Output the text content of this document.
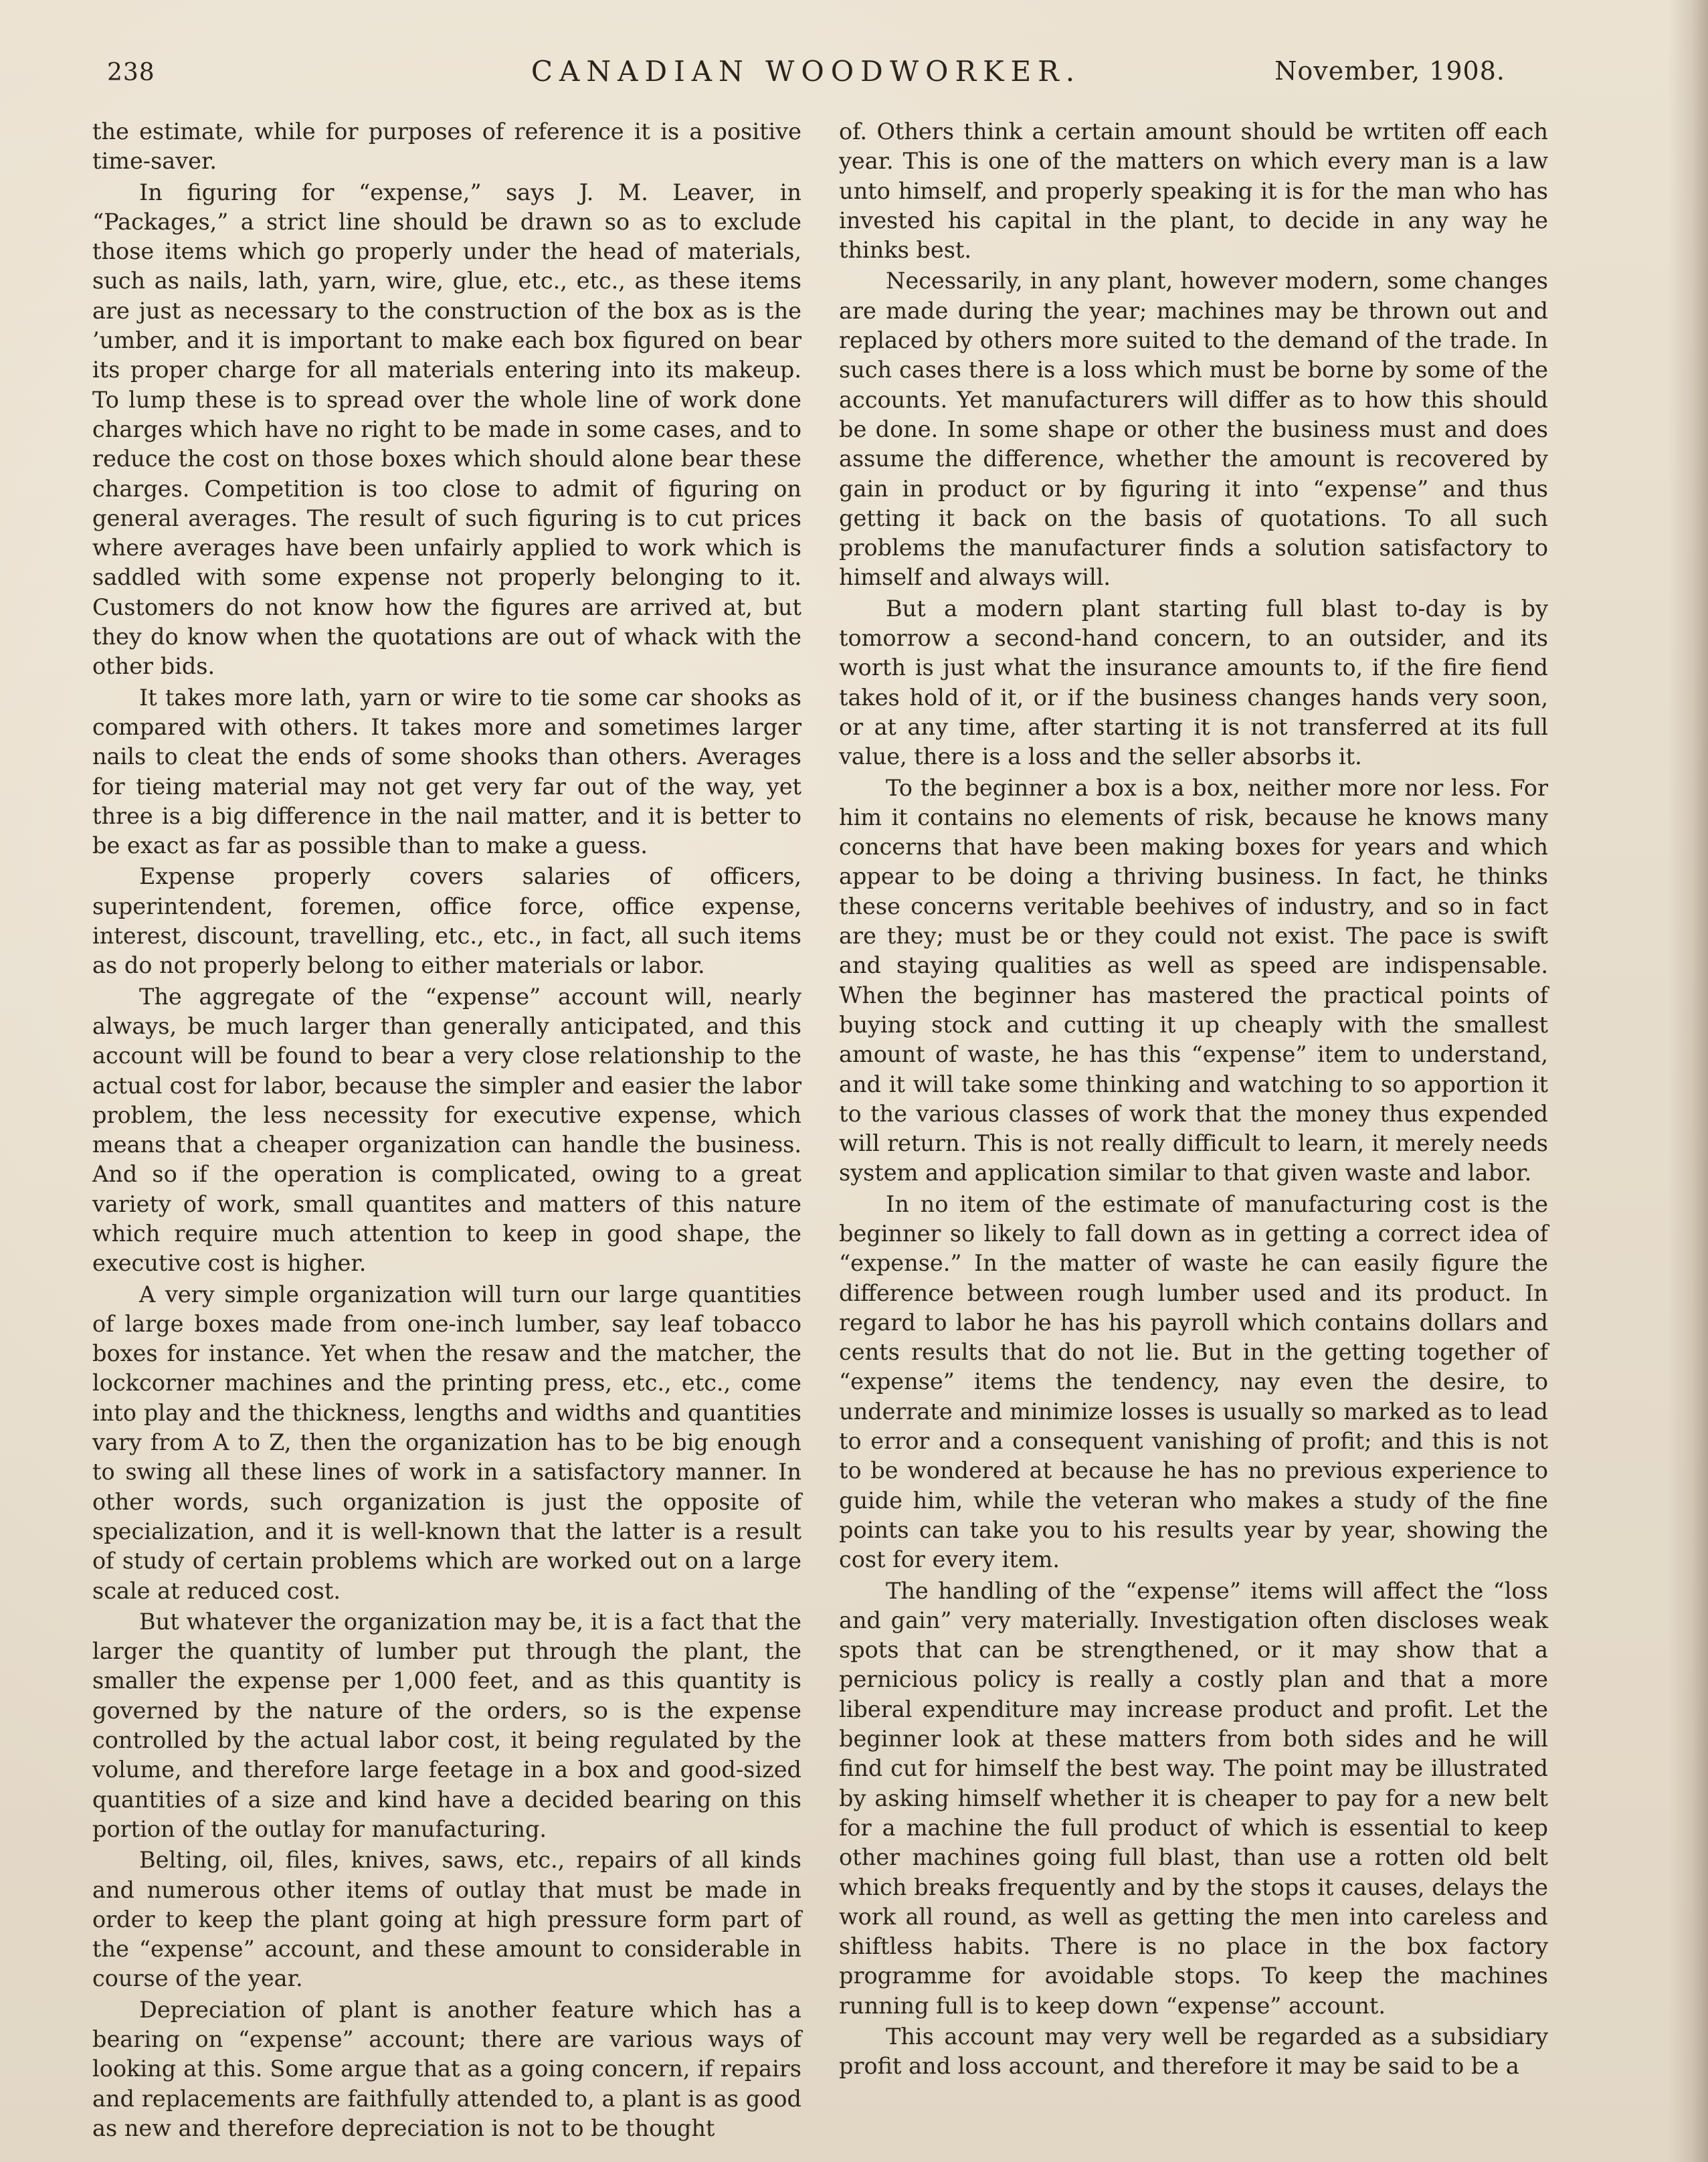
238	CANADIAN WOODWORKER.	November, 1908.

the estimate, while for purposes of reference it is a positive time-saver.

In figuring for “expense,” says J. M. Leaver, in “Packages,” a strict line should be drawn so as to exclude those items which go properly under the head of materials, such as nails, lath, yarn, wire, glue, etc., etc., as these items are just as necessary to the construction of the box as is the ’umber, and it is important to make each box figured on bear its proper charge for all materials entering into its makeup. To lump these is to spread over the whole line of work done charges which have no right to be made in some cases, and to reduce the cost on those boxes which should alone bear these charges. Competition is too close to admit of figuring on general averages. The result of such figuring is to cut prices where averages have been unfairly applied to work which is saddled with some expense not properly belonging to it. Customers do not know how the figures are arrived at, but they do know when the quotations are out of whack with the other bids.

It takes more lath, yarn or wire to tie some car shooks as compared with others. It takes more and sometimes larger nails to cleat the ends of some shooks than others. Averages for tieing material may not get very far out of the way, yet three is a big difference in the nail matter, and it is better to be exact as far as possible than to make a guess.

Expense properly covers salaries of officers, superintendent, foremen, office force, office expense, interest, discount, travelling, etc., etc., in fact, all such items as do not properly belong to either materials or labor.

The aggregate of the “expense” account will, nearly always, be much larger than generally anticipated, and this account will be found to bear a very close relationship to the actual cost for labor, because the simpler and easier the labor problem, the less necessity for executive expense, which means that a cheaper organization can handle the business. And so if the operation is complicated, owing to a great variety of work, small quantites and matters of this nature which require much attention to keep in good shape, the executive cost is higher.

A very simple organization will turn our large quantities of large boxes made from one-inch lumber, say leaf tobacco boxes for instance. Yet when the resaw and the matcher, the lockcorner machines and the printing press, etc., etc., come into play and the thickness, lengths and widths and quantities vary from A to Z, then the organization has to be big enough to swing all these lines of work in a satisfactory manner. In other words, such organization is just the opposite of specialization, and it is well-known that the latter is a result of study of certain problems which are worked out on a large scale at reduced cost.

But whatever the organization may be, it is a fact that the larger the quantity of lumber put through the plant, the smaller the expense per 1,000 feet, and as this quantity is governed by the nature of the orders, so is the expense controlled by the actual labor cost, it being regulated by the volume, and therefore large feetage in a box and good-sized quantities of a size and kind have a decided bearing on this portion of the outlay for manufacturing.

Belting, oil, files, knives, saws, etc., repairs of all kinds and numerous other items of outlay that must be made in order to keep the plant going at high pressure form part of the “expense” account, and these amount to considerable in course of the year.

Depreciation of plant is another feature which has a bearing on “expense” account; there are various ways of looking at this. Some argue that as a going concern, if repairs and replacements are faithfully attended to, a plant is as good as new and therefore depreciation is not to be thought

of. Others think a certain amount should be wrtiten off each year. This is one of the matters on which every man is a law unto himself, and properly speaking it is for the man who has invested his capital in the plant, to decide in any way he thinks best.

Necessarily, in any plant, however modern, some changes are made during the year; machines may be thrown out and replaced by others more suited to the demand of the trade. In such cases there is a loss which must be borne by some of the accounts. Yet manufacturers will differ as to how this should be done. In some shape or other the business must and does assume the difference, whether the amount is recovered by gain in product or by figuring it into “expense” and thus getting it back on the basis of quotations. To all such problems the manufacturer finds a solution satisfactory to himself and always will.

But a modern plant starting full blast to-day is by tomorrow a second-hand concern, to an outsider, and its worth is just what the insurance amounts to, if the fire fiend takes hold of it, or if the business changes hands very soon, or at any time, after starting it is not transferred at its full value, there is a loss and the seller absorbs it.

To the beginner a box is a box, neither more nor less. For him it contains no elements of risk, because he knows many concerns that have been making boxes for years and which appear to be doing a thriving business. In fact, he thinks these concerns veritable beehives of industry, and so in fact are they; must be or they could not exist. The pace is swift and staying qualities as well as speed are indispensable. When the beginner has mastered the practical points of buying stock and cutting it up cheaply with the smallest amount of waste, he has this “expense” item to understand, and it will take some thinking and watching to so apportion it to the various classes of work that the money thus expended will return. This is not really difficult to learn, it merely needs system and application similar to that given waste and labor.

In no item of the estimate of manufacturing cost is the beginner so likely to fall down as in getting a correct idea of “expense.” In the matter of waste he can easily figure the difference between rough lumber used and its product. In regard to labor he has his payroll which contains dollars and cents results that do not lie. But in the getting together of “expense” items the tendency, nay even the desire, to underrate and minimize losses is usually so marked as to lead to error and a consequent vanishing of profit; and this is not to be wondered at because he has no previous experience to guide him, while the veteran who makes a study of the fine points can take you to his results year by year, showing the cost for every item.

The handling of the “expense” items will affect the “loss and gain” very materially. Investigation often discloses weak spots that can be strengthened, or it may show that a pernicious policy is really a costly plan and that a more liberal expenditure may increase product and profit. Let the beginner look at these matters from both sides and he will find cut for himself the best way. The point may be illustrated by asking himself whether it is cheaper to pay for a new belt for a machine the full product of which is essential to keep other machines going full blast, than use a rotten old belt which breaks frequently and by the stops it causes, delays the work all round, as well as getting the men into careless and shiftless habits. There is no place in the box factory programme for avoidable stops. To keep the machines running full is to keep down “expense” account.

This account may very well be regarded as a subsidiary profit and loss account, and therefore it may be said to be a
